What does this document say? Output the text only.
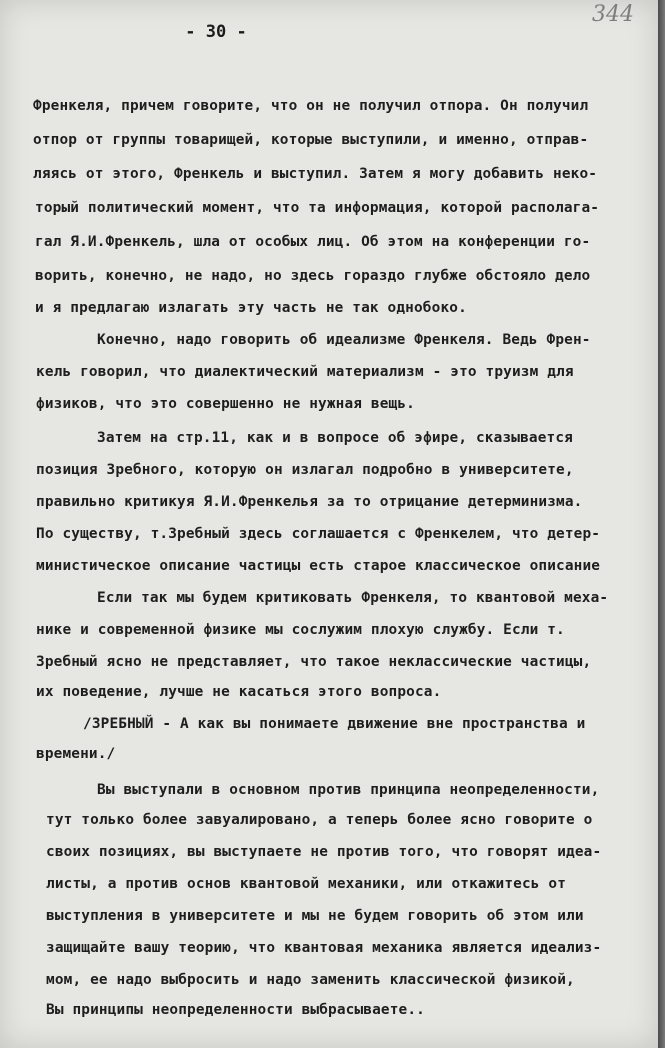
- 30 -
344
Френкеля, причем говорите, что он не получил отпора. Он получил
отпор от группы товарищей, которые выступили, и именно, отправ-
ляясь от этого, Френкель и выступил. Затем я могу добавить неко-
торый политический момент, что та информация, которой располага-
гал Я.И.Френкель, шла от особых лиц. Об этом на конференции го-
ворить, конечно, не надо, но здесь гораздо глубже обстояло дело
и я предлагаю излагать эту часть не так однобоко.
Конечно, надо говорить об идеализме Френкеля. Ведь Френ-
кель говорил, что диалектический материализм - это труизм для
физиков, что это совершенно не нужная вещь.
Затем на стр.11, как и в вопросе об эфире, сказывается
позиция Зребного, которую он излагал подробно в университете,
правильно критикуя Я.И.Френкелья за то отрицание детерминизма.
По существу, т.Зребный здесь соглашается с Френкелем, что детер-
министическое описание частицы есть старое классическое описание
Если так мы будем критиковать Френкеля, то квантовой меха-
нике и современной физике мы сослужим плохую службу. Если т.
Зребный ясно не представляет, что такое неклассические частицы,
их поведение, лучше не касаться этого вопроса.
/ЗРЕБНЫЙ - А как вы понимаете движение вне пространства и
времени./
Вы выступали в основном против принципа неопределенности,
тут только более завуалировано, а теперь более ясно говорите о
своих позициях, вы выступаете не против того, что говорят идеа-
листы, а против основ квантовой механики, или откажитесь от
выступления в университете и мы не будем говорить об этом или
защищайте вашу теорию, что квантовая механика является идеализ-
мом, ее надо выбросить и надо заменить классической физикой,
Вы принципы неопределенности выбрасываете..
